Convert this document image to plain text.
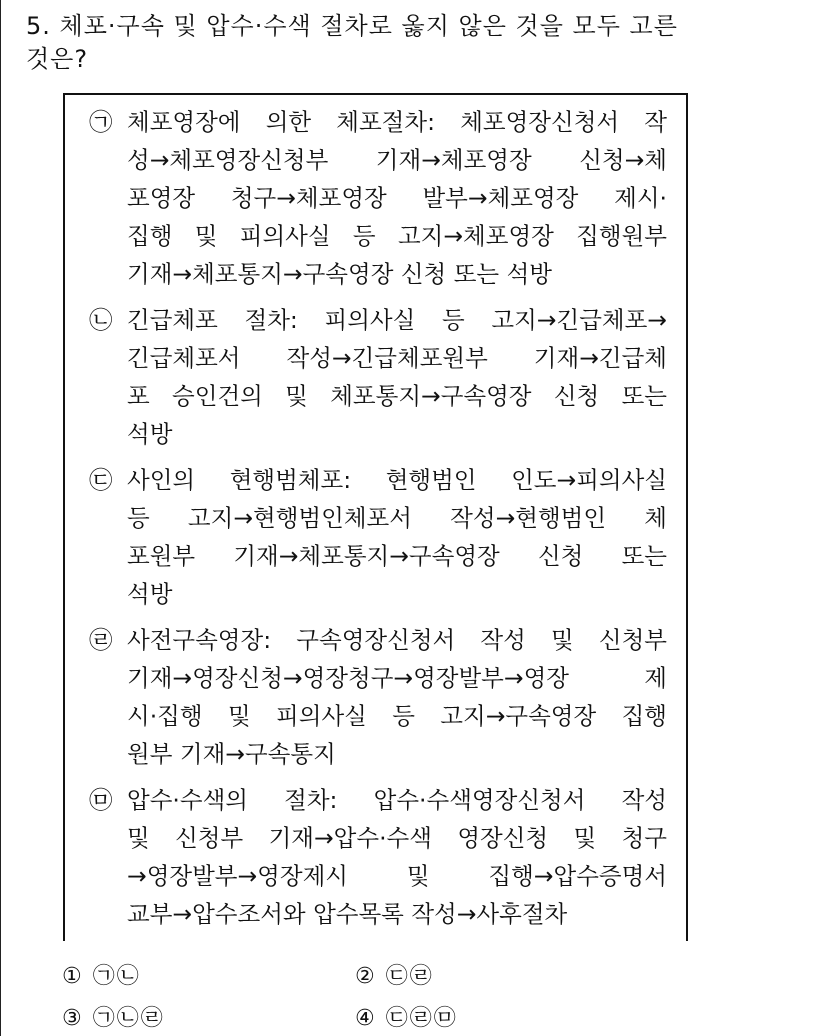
5. 체포·구속 및 압수·수색 절차로 옳지 않은 것을 모두 고른
것은?
㉠ 체포영장에 의한 체포절차: 체포영장신청서 작
성→체포영장신청부 기재→체포영장 신청→체
포영장 청구→체포영장 발부→체포영장 제시·
집행 및 피의사실 등 고지→체포영장 집행원부
기재→체포통지→구속영장 신청 또는 석방
㉡ 긴급체포 절차: 피의사실 등 고지→긴급체포→
긴급체포서 작성→긴급체포원부 기재→긴급체
포 승인건의 및 체포통지→구속영장 신청 또는
석방
㉢ 사인의 현행범체포: 현행범인 인도→피의사실
등 고지→현행범인체포서 작성→현행범인 체
포원부 기재→체포통지→구속영장 신청 또는
석방
㉣ 사전구속영장: 구속영장신청서 작성 및 신청부
기재→영장신청→영장청구→영장발부→영장 제
시·집행 및 피의사실 등 고지→구속영장 집행
원부 기재→구속통지
㉤ 압수·수색의 절차: 압수·수색영장신청서 작성
및 신청부 기재→압수·수색 영장신청 및 청구
→영장발부→영장제시 및 집행→압수증명서
교부→압수조서와 압수목록 작성→사후절차
① ㉠㉡	② ㉢㉣
③ ㉠㉡㉣	④ ㉢㉣㉤
